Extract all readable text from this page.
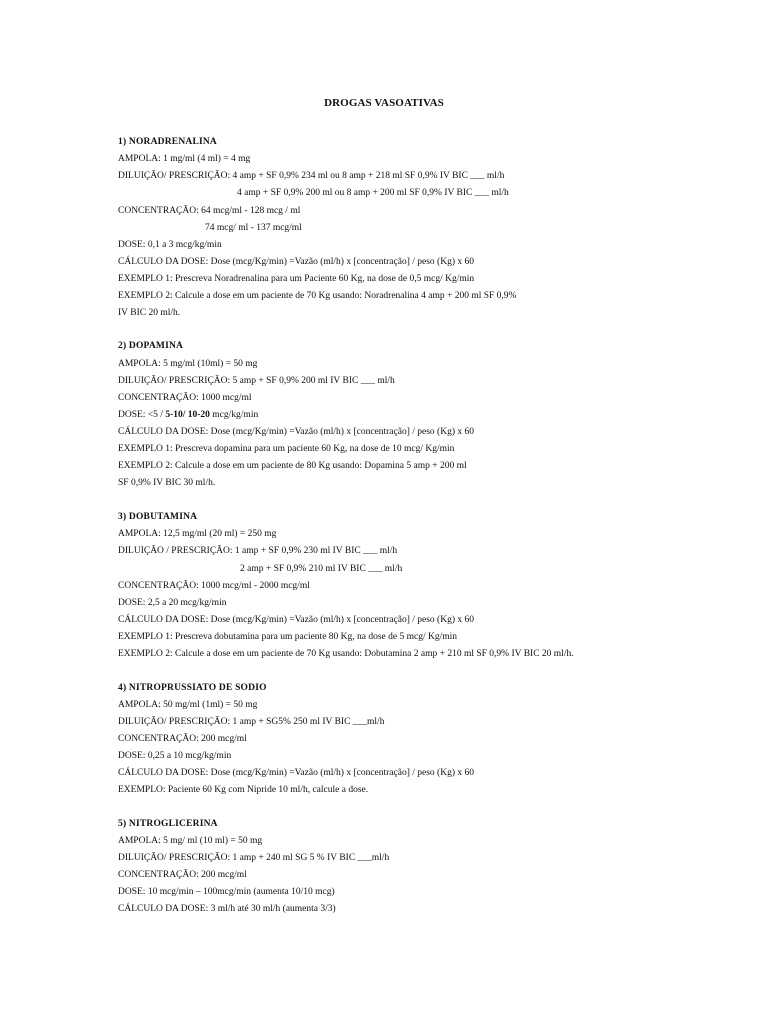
DROGAS VASOATIVAS
1) NORADRENALINA
AMPOLA: 1 mg/ml (4 ml) = 4 mg
DILUIÇÃO/ PRESCRIÇÃO: 4 amp + SF 0,9% 234 ml ou 8 amp + 218 ml SF 0,9% IV BIC ___ ml/h
4 amp + SF 0,9% 200 ml ou 8 amp + 200 ml SF 0,9% IV BIC ___ ml/h
CONCENTRAÇÃO: 64 mcg/ml - 128 mcg / ml
74 mcg/ ml - 137 mcg/ml
DOSE: 0,1 a 3 mcg/kg/min
CÁLCULO DA DOSE: Dose (mcg/Kg/min) =Vazão (ml/h) x [concentração] / peso (Kg) x 60
EXEMPLO 1: Prescreva Noradrenalina para um Paciente 60 Kg, na dose de 0,5 mcg/ Kg/min
EXEMPLO 2: Calcule a dose em um paciente de 70 Kg usando: Noradrenalina 4 amp + 200 ml SF 0,9%
IV BIC 20 ml/h.
2) DOPAMINA
AMPOLA: 5 mg/ml (10ml) = 50 mg
DILUIÇÃO/ PRESCRIÇÃO: 5 amp + SF 0,9% 200 ml IV BIC ___ ml/h
CONCENTRAÇÃO: 1000 mcg/ml
DOSE: <5 / 5-10/ 10-20 mcg/kg/min
CÁLCULO DA DOSE: Dose (mcg/Kg/min) =Vazão (ml/h) x [concentração] / peso (Kg) x 60
EXEMPLO 1: Prescreva dopamina para um paciente 60 Kg, na dose de 10 mcg/ Kg/min
EXEMPLO 2: Calcule a dose em um paciente de 80 Kg usando: Dopamina 5 amp + 200 ml
SF 0,9% IV BIC 30 ml/h.
3) DOBUTAMINA
AMPOLA: 12,5 mg/ml (20 ml) = 250 mg
DILUIÇÃO / PRESCRIÇÃO: 1 amp + SF 0,9% 230 ml IV BIC ___ ml/h
2 amp + SF 0,9% 210 ml IV BIC ___ ml/h
CONCENTRAÇÃO: 1000 mcg/ml - 2000 mcg/ml
DOSE: 2,5 a 20 mcg/kg/min
CÁLCULO DA DOSE: Dose (mcg/Kg/min) =Vazão (ml/h) x [concentração] / peso (Kg) x 60
EXEMPLO 1: Prescreva dobutamina para um paciente 80 Kg, na dose de 5 mcg/ Kg/min
EXEMPLO 2: Calcule a dose em um paciente de 70 Kg usando: Dobutamina 2 amp + 210 ml SF 0,9% IV BIC 20 ml/h.
4) NITROPRUSSIATO DE SODIO
AMPOLA: 50 mg/ml (1ml) = 50 mg
DILUIÇÃO/ PRESCRIÇÃO: 1 amp + SG5% 250 ml IV BIC ___ml/h
CONCENTRAÇÃO: 200 mcg/ml
DOSE: 0,25 a 10 mcg/kg/min
CÁLCULO DA DOSE: Dose (mcg/Kg/min) =Vazão (ml/h) x [concentração] / peso (Kg) x 60
EXEMPLO: Paciente 60 Kg com Nipride 10 ml/h, calcule a dose.
5) NITROGLICERINA
AMPOLA: 5 mg/ ml (10 ml) = 50 mg
DILUIÇÃO/ PRESCRIÇÃO: 1 amp + 240 ml SG 5 % IV BIC ___ml/h
CONCENTRAÇÃO: 200 mcg/ml
DOSE: 10 mcg/min – 100mcg/min (aumenta 10/10 mcg)
CÁLCULO DA DOSE: 3 ml/h até 30 ml/h (aumenta 3/3)
